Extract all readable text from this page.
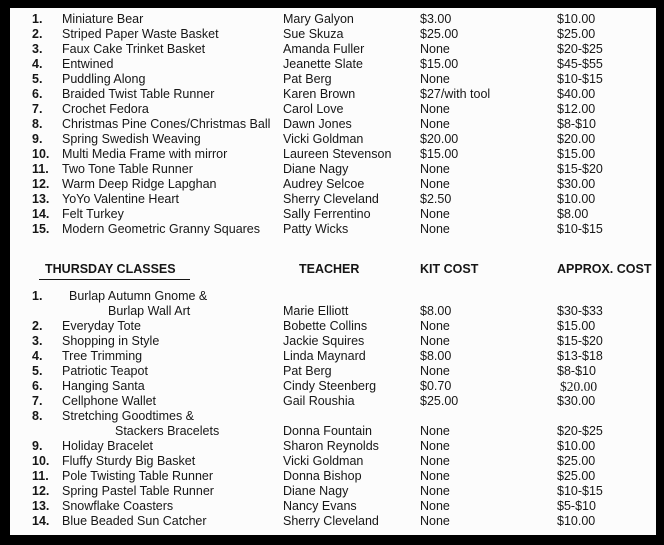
1.	Miniature Bear	Mary Galyon	$3.00	$10.00
2.	Striped Paper Waste Basket	Sue Skuza	$25.00	$25.00
3.	Faux Cake Trinket Basket	Amanda Fuller	None	$20-$25
4.	Entwined	Jeanette Slate	$15.00	$45-$55
5.	Puddling Along	Pat Berg	None	$10-$15
6.	Braided Twist Table Runner	Karen Brown	$27/with tool	$40.00
7.	Crochet Fedora	Carol Love	None	$12.00
8.	Christmas Pine Cones/Christmas Ball	Dawn Jones	None	$8-$10
9.	Spring Swedish Weaving	Vicki Goldman	$20.00	$20.00
10.	Multi Media Frame with mirror	Laureen Stevenson	$15.00	$15.00
11.	Two Tone Table Runner	Diane Nagy	None	$15-$20
12.	Warm Deep Ridge Lapghan	Audrey Selcoe	None	$30.00
13.	YoYo Valentine Heart	Sherry Cleveland	$2.50	$10.00
14.	Felt Turkey	Sally Ferrentino	None	$8.00
15.	Modern Geometric Granny Squares	Patty Wicks	None	$10-$15
THURSDAY CLASSES	TEACHER	KIT COST	APPROX. COST
1.	Burlap Autumn Gnome &
Burlap Wall Art	Marie Elliott	$8.00	$30-$33
2.	Everyday Tote	Bobette Collins	None	$15.00
3.	Shopping in Style	Jackie Squires	None	$15-$20
4.	Tree Trimming	Linda Maynard	$8.00	$13-$18
5.	Patriotic Teapot	Pat Berg	None	$8-$10
6.	Hanging Santa	Cindy Steenberg	$0.70	$20.00
7.	Cellphone Wallet	Gail Roushia	$25.00	$30.00
8.	Stretching Goodtimes &
Stackers Bracelets	Donna Fountain	None	$20-$25
9.	Holiday Bracelet	Sharon Reynolds	None	$10.00
10.	Fluffy Sturdy Big Basket	Vicki Goldman	None	$25.00
11.	Pole Twisting Table Runner	Donna Bishop	None	$25.00
12.	Spring Pastel Table Runner	Diane Nagy	None	$10-$15
13.	Snowflake Coasters	Nancy Evans	None	$5-$10
14.	Blue Beaded Sun Catcher	Sherry Cleveland	None	$10.00
